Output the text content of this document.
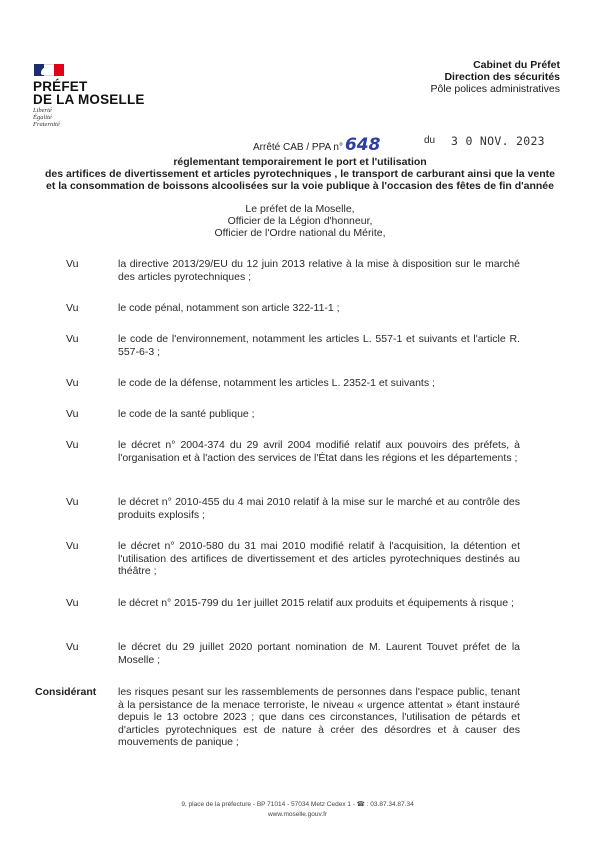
PRÉFET
DE LA MOSELLE
Liberté
Égalité
Fraternité
Cabinet du Préfet
Direction des sécurités
Pôle polices administratives
Arrêté CAB / PPA n° 648	du 3 0 NOV. 2023
réglementant temporairement le port et l'utilisation
des artifices de divertissement et articles pyrotechniques , le transport de carburant ainsi que la vente
et la consommation de boissons alcoolisées sur la voie publique à l'occasion des fêtes de fin d'année
Le préfet de la Moselle,
Officier de la Légion d'honneur,
Officier de l'Ordre national du Mérite,
Vu	la directive 2013/29/EU du 12 juin 2013 relative à la mise à disposition sur le marché des articles pyrotechniques ;
Vu	le code pénal, notamment son article 322-11-1 ;
Vu	le code de l'environnement, notamment les articles L. 557-1 et suivants et l'article R. 557-6-3 ;
Vu	le code de la défense, notamment les articles L. 2352-1 et suivants ;
Vu	le code de la santé publique ;
Vu	le décret n° 2004-374 du 29 avril 2004 modifié relatif aux pouvoirs des préfets, à l'organisation et à l'action des services de l'État dans les régions et les départements ;
Vu	le décret n° 2010-455 du 4 mai 2010 relatif à la mise sur le marché et au contrôle des produits explosifs ;
Vu	le décret n° 2010-580 du 31 mai 2010 modifié relatif à l'acquisition, la détention et l'utilisation des artifices de divertissement et des articles pyrotechniques destinés au théâtre ;
Vu	le décret n° 2015-799 du 1er juillet 2015 relatif aux produits et équipements à risque ;
Vu	le décret du 29 juillet 2020 portant nomination de M. Laurent Touvet préfet de la Moselle ;
Considérant les risques pesant sur les rassemblements de personnes dans l'espace public, tenant à la persistance de la menace terroriste, le niveau « urgence attentat » étant instauré depuis le 13 octobre 2023 ; que dans ces circonstances, l'utilisation de pétards et d'articles pyrotechniques est de nature à créer des désordres et à causer des mouvements de panique ;
9, place de la préfecture - BP 71014 - 57034 Metz Cedex 1 - ☎ : 03.87.34.87.34
www.moselle.gouv.fr
